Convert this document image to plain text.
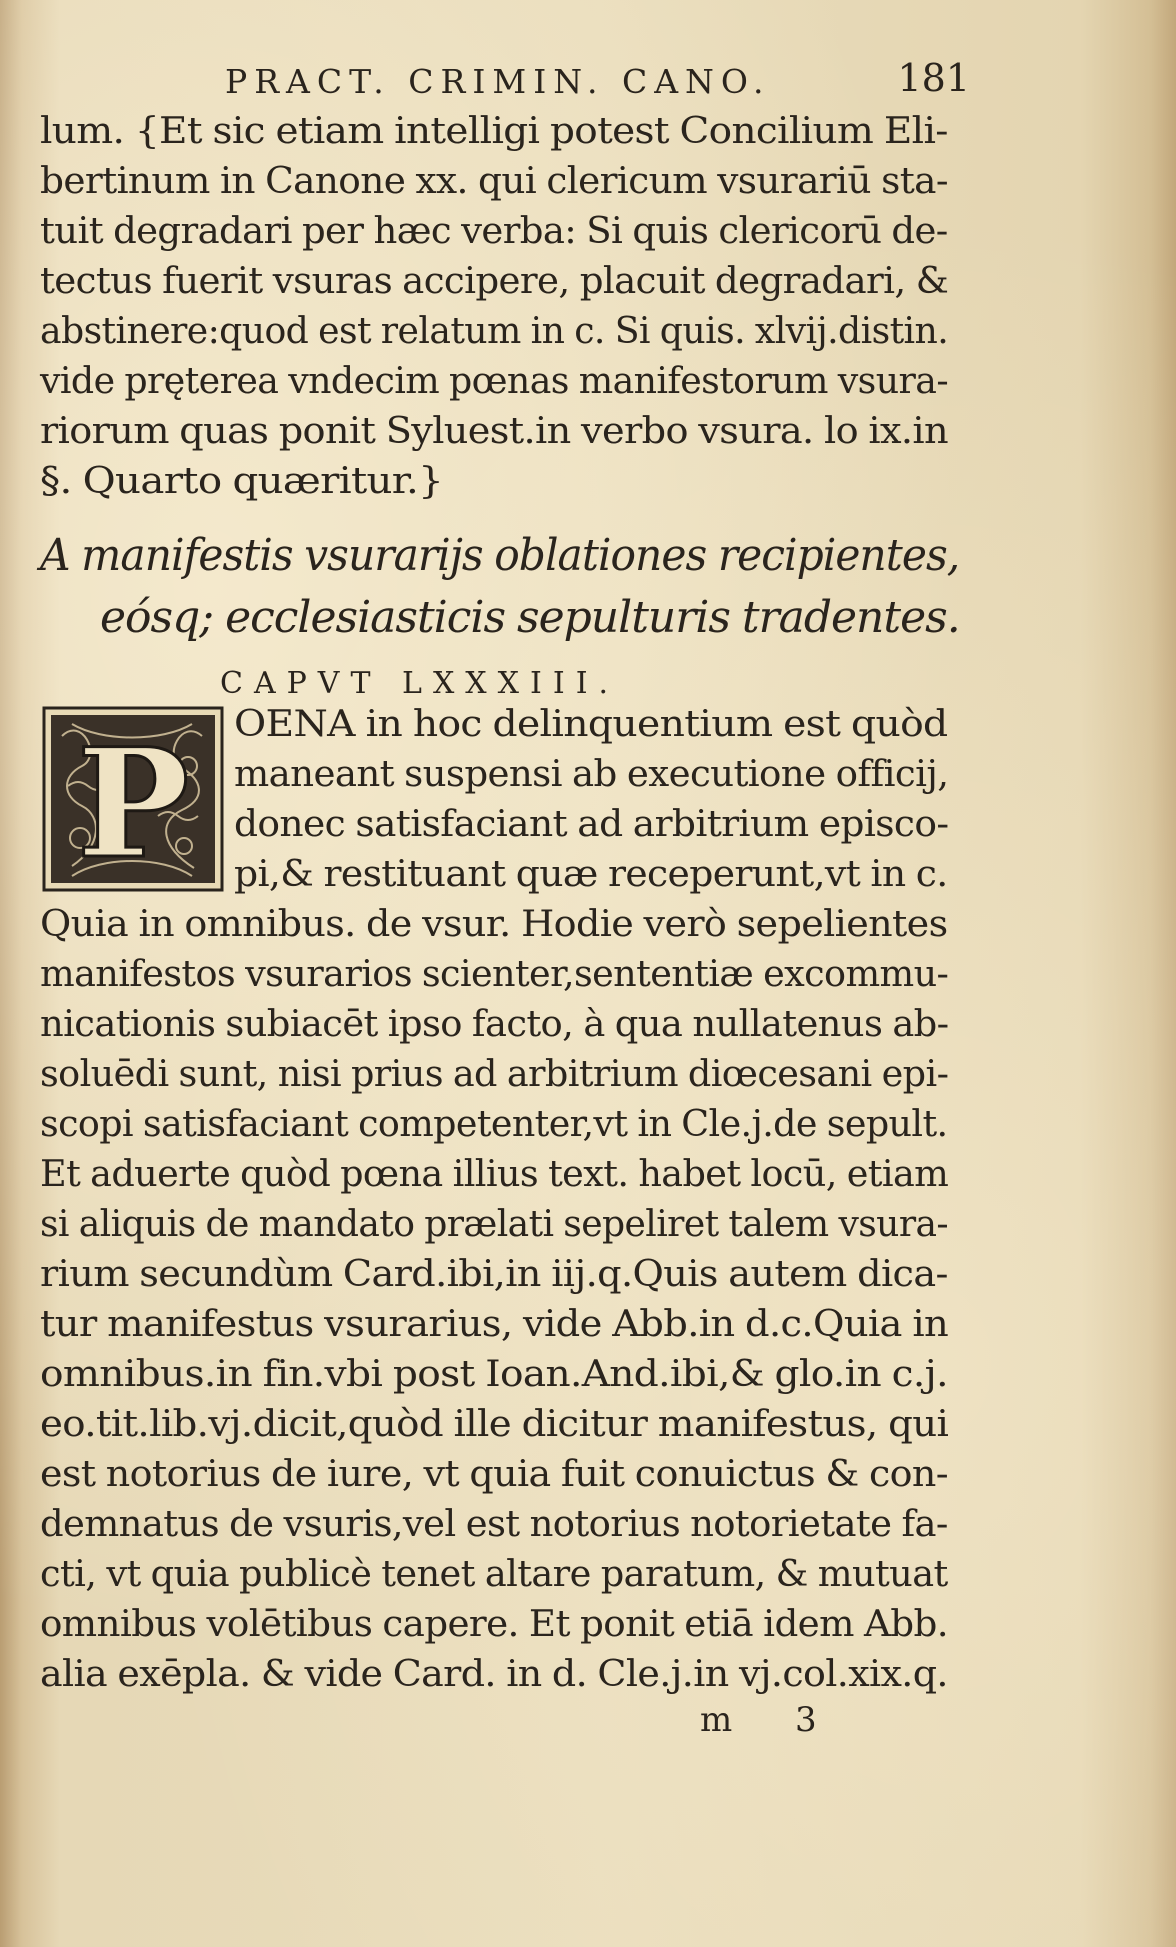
PRACT. CRIMIN. CANO.	181
lum. {Et sic etiam intelligi potest Concilium Eli-
bertinum in Canone xx. qui clericum vsurariū sta-
tuit degradari per hæc verba: Si quis clericorū de-
tectus fuerit vsuras accipere, placuit degradari, &
abstinere:quod est relatum in c. Si quis. xlvij.distin.
vide pręterea vndecim pœnas manifestorum vsura-
riorum quas ponit Syluest.in verbo vsura. lo ix.in
§. Quarto quæritur.}
A manifestis vsurarijs oblationes recipientes,
eósq; ecclesiasticis sepulturis tradentes.
CAPVT LXXXIII.
P OENA in hoc delinquentium est quòd
maneant suspensi ab executione officij,
donec satisfaciant ad arbitrium episco-
pi,& restituant quæ receperunt,vt in c.
Quia in omnibus. de vsur. Hodie verò sepelientes
manifestos vsurarios scienter,sententiæ excommu-
nicationis subiacēt ipso facto, à qua nullatenus ab-
soluēdi sunt, nisi prius ad arbitrium diœcesani epi-
scopi satisfaciant competenter,vt in Cle.j.de sepult.
Et aduerte quòd pœna illius text. habet locū, etiam
si aliquis de mandato prælati sepeliret talem vsura-
rium secundùm Card.ibi,in iij.q.Quis autem dica-
tur manifestus vsurarius, vide Abb.in d.c.Quia in
omnibus.in fin.vbi post Ioan.And.ibi,& glo.in c.j.
eo.tit.lib.vj.dicit,quòd ille dicitur manifestus, qui
est notorius de iure, vt quia fuit conuictus & con-
demnatus de vsuris,vel est notorius notorietate fa-
cti, vt quia publicè tenet altare paratum, & mutuat
omnibus volētibus capere. Et ponit etiā idem Abb.
alia exēpla. & vide Card. in d. Cle.j.in vj.col.xix.q.
m 3
